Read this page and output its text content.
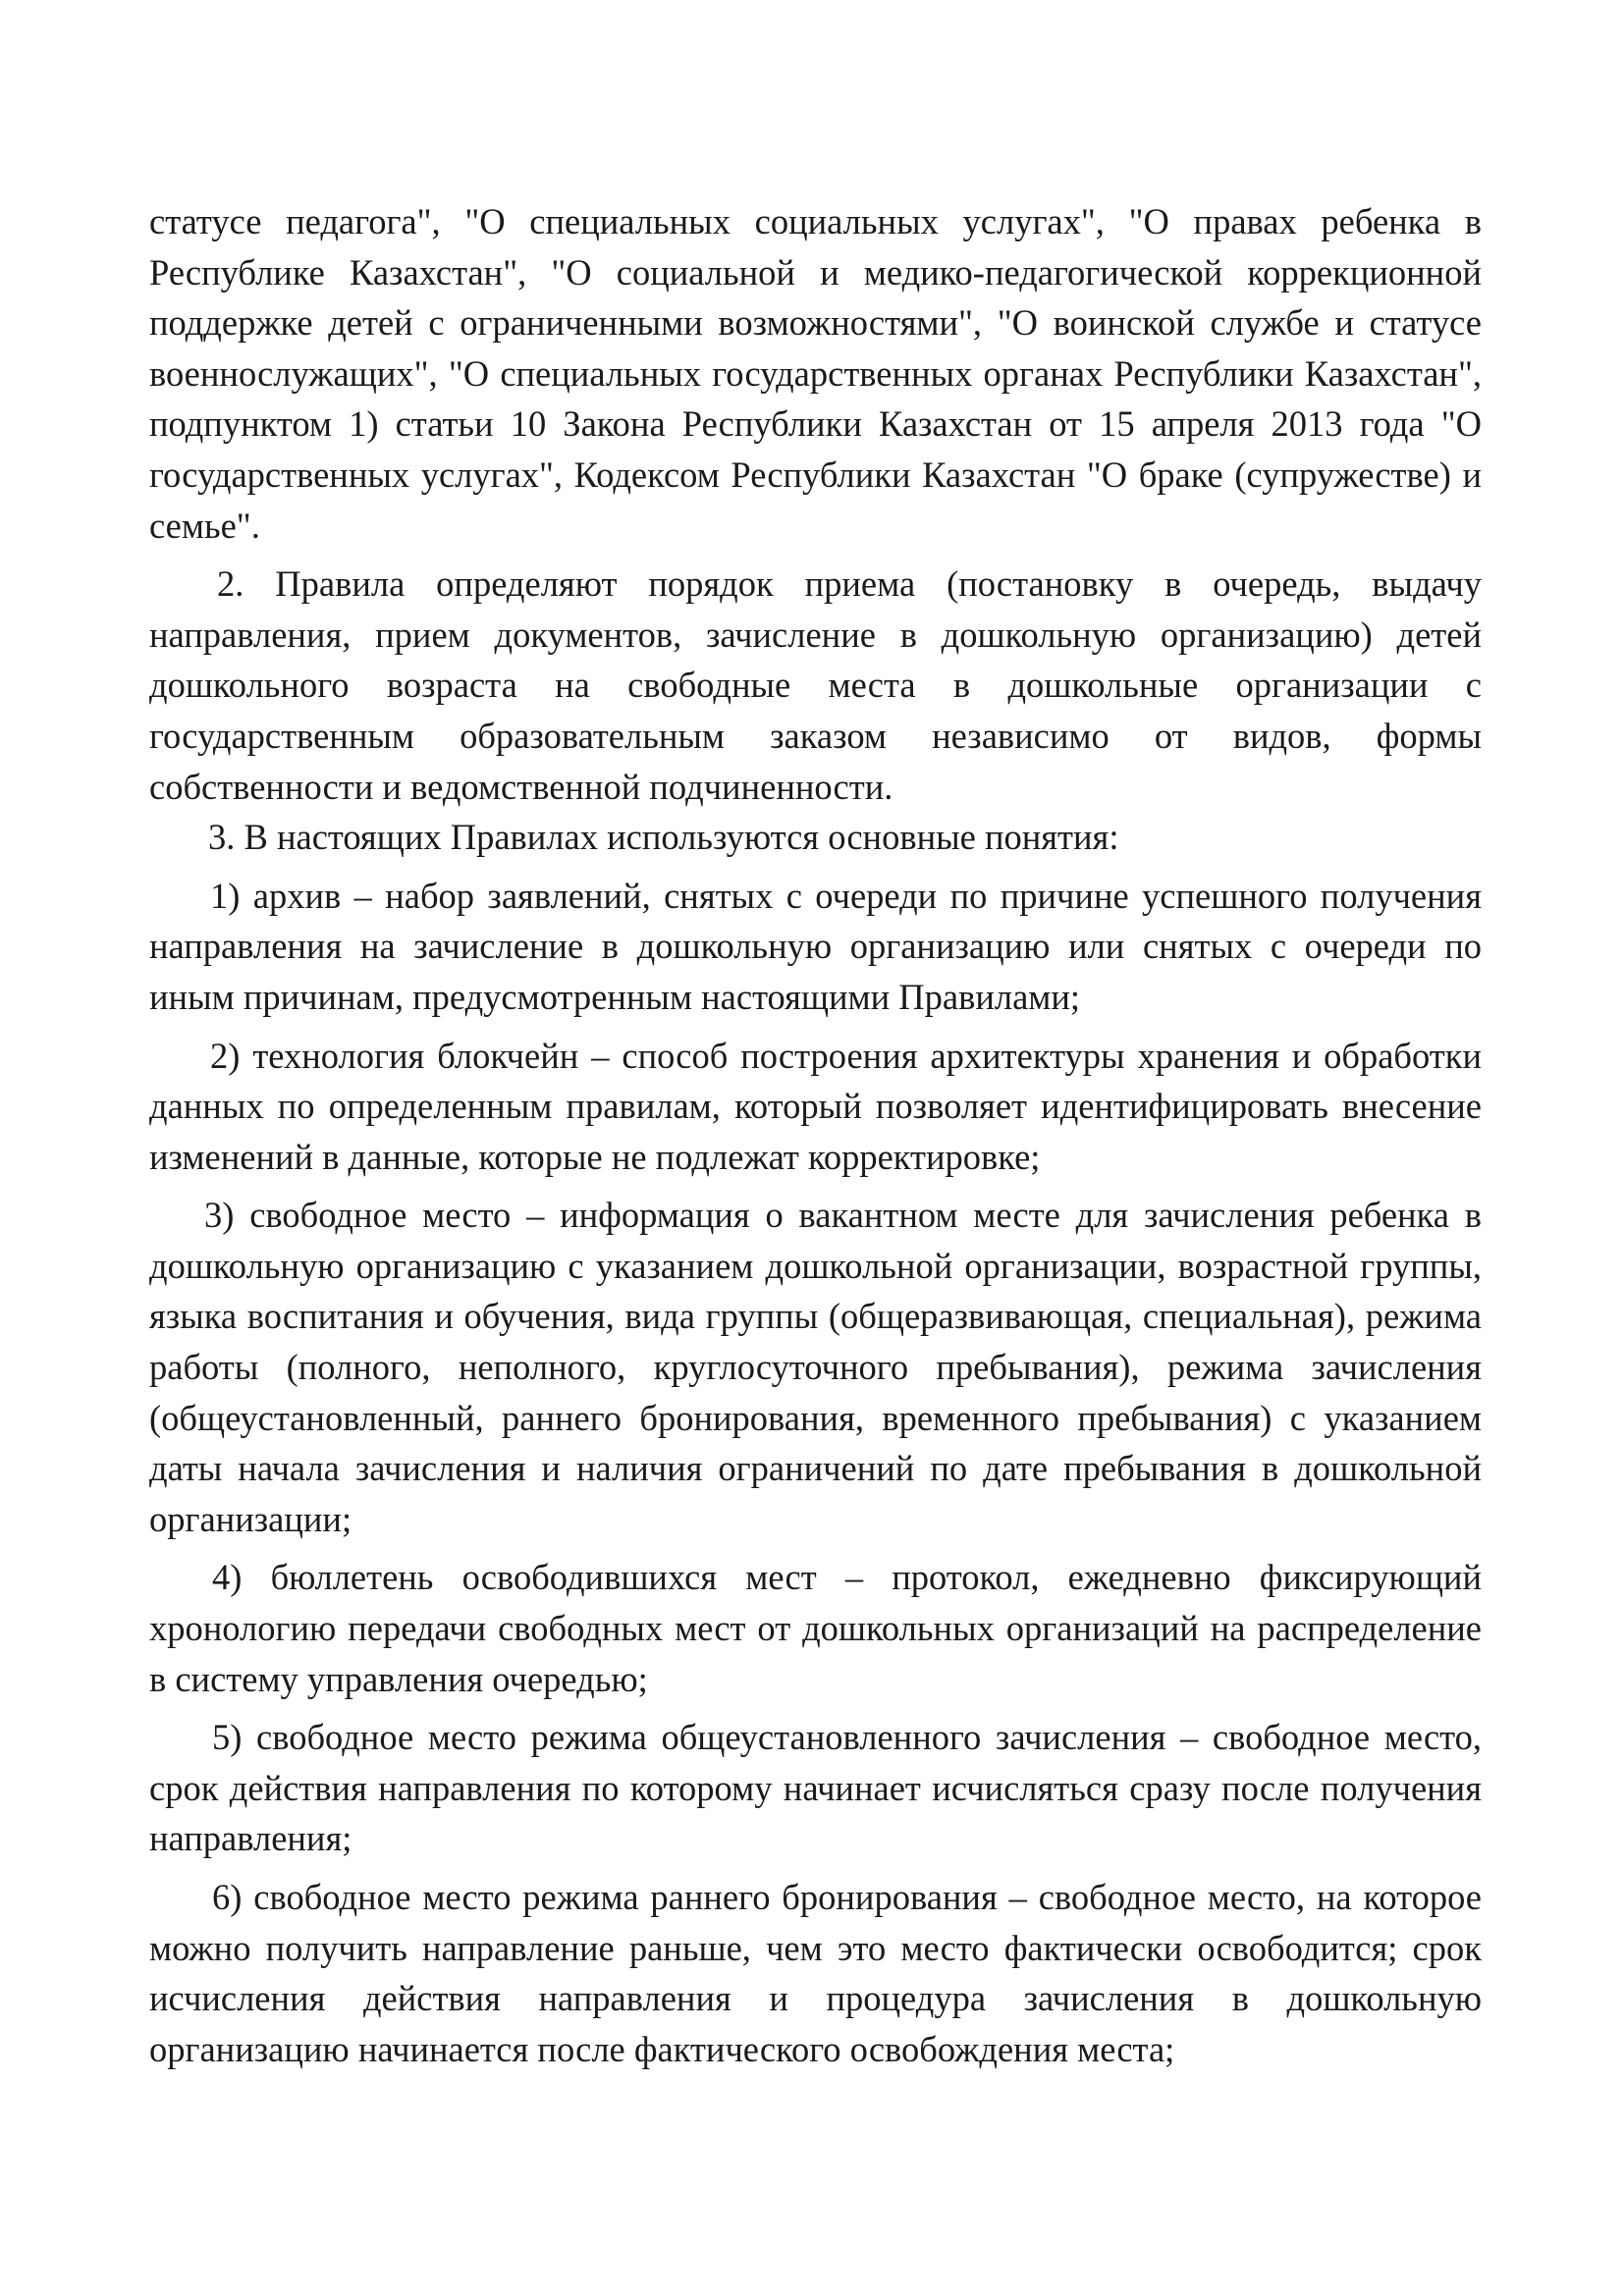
статусе педагога", "О специальных социальных услугах", "О правах ребенка в Республике Казахстан", "О социальной и медико-педагогической коррекционной поддержке детей с ограниченными возможностями", "О воинской службе и статусе военнослужащих", "О специальных государственных органах Республики Казахстан", подпунктом 1) статьи 10 Закона Республики Казахстан от 15 апреля 2013 года "О государственных услугах", Кодексом Республики Казахстан "О браке (супружестве) и семье".

2. Правила определяют порядок приема (постановку в очередь, выдачу направления, прием документов, зачисление в дошкольную организацию) детей дошкольного возраста на свободные места в дошкольные организации с государственным образовательным заказом независимо от видов, формы собственности и ведомственной подчиненности.

3. В настоящих Правилах используются основные понятия:

1) архив – набор заявлений, снятых с очереди по причине успешного получения направления на зачисление в дошкольную организацию или снятых с очереди по иным причинам, предусмотренным настоящими Правилами;

2) технология блокчейн – способ построения архитектуры хранения и обработки данных по определенным правилам, который позволяет идентифицировать внесение изменений в данные, которые не подлежат корректировке;

3) свободное место – информация о вакантном месте для зачисления ребенка в дошкольную организацию с указанием дошкольной организации, возрастной группы, языка воспитания и обучения, вида группы (общеразвивающая, специальная), режима работы (полного, неполного, круглосуточного пребывания), режима зачисления (общеустановленный, раннего бронирования, временного пребывания) с указанием даты начала зачисления и наличия ограничений по дате пребывания в дошкольной организации;

4) бюллетень освободившихся мест – протокол, ежедневно фиксирующий хронологию передачи свободных мест от дошкольных организаций на распределение в систему управления очередью;

5) свободное место режима общеустановленного зачисления – свободное место, срок действия направления по которому начинает исчисляться сразу после получения направления;

6) свободное место режима раннего бронирования – свободное место, на которое можно получить направление раньше, чем это место фактически освободится; срок исчисления действия направления и процедура зачисления в дошкольную организацию начинается после фактического освобождения места;
